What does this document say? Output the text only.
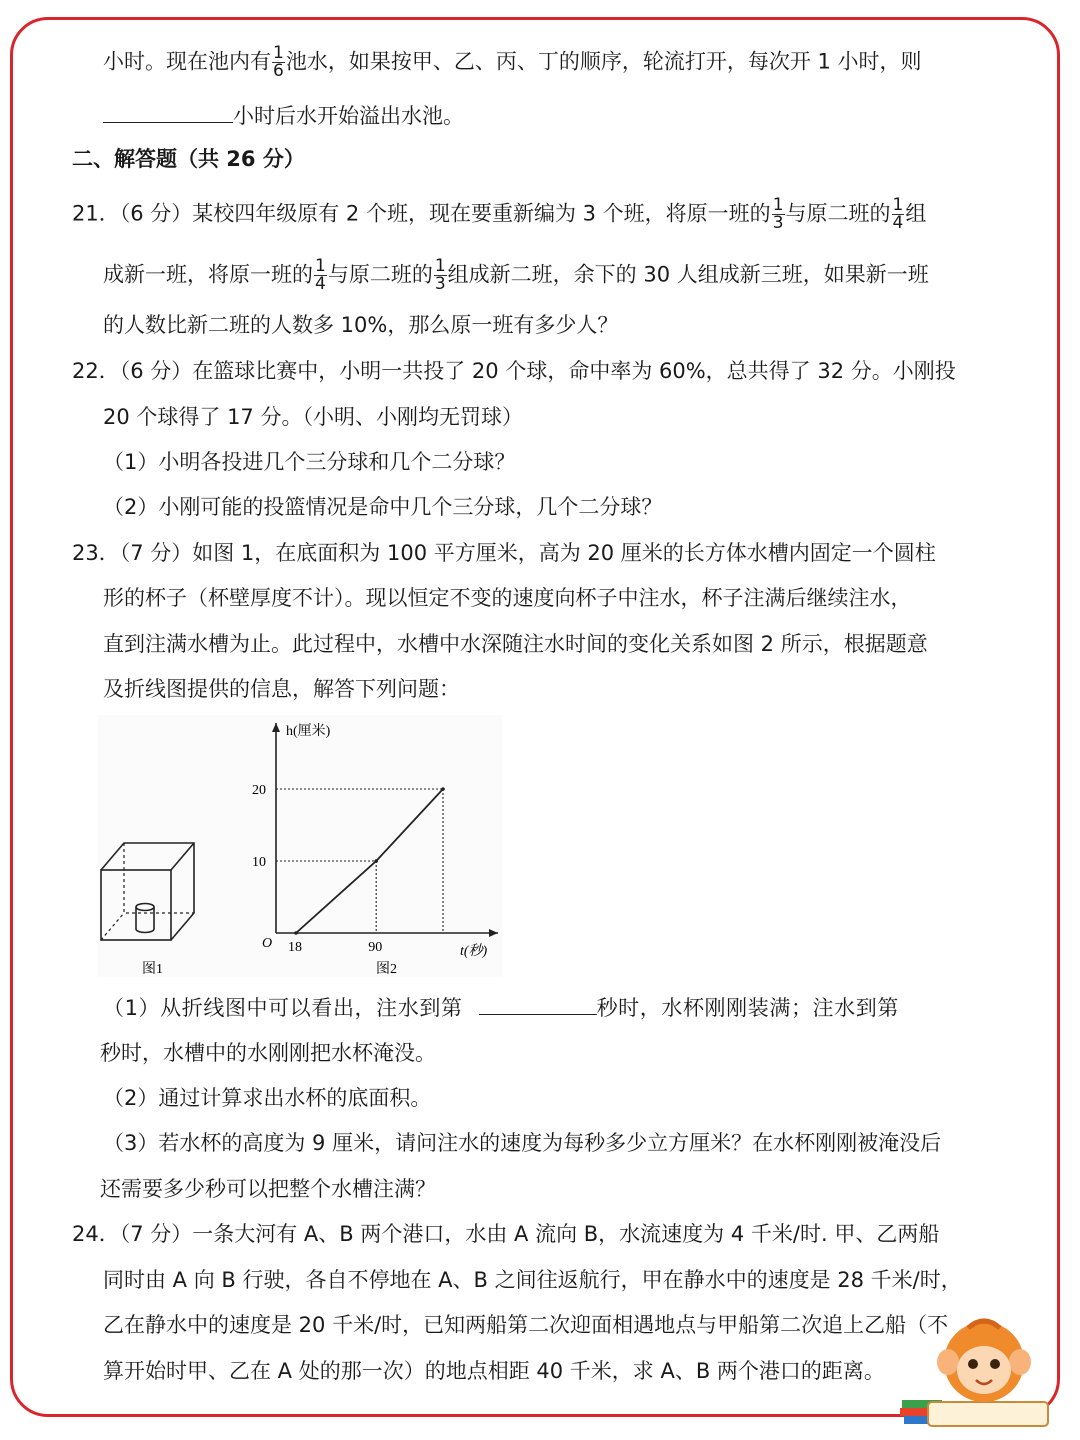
小时。现在池内有 $\frac{1}{6}$ 池水，如果按甲、乙、丙、丁的顺序，轮流打开，每次开 1 小时，则
小时后水开始溢出水池。
二、解答题（共 26 分）
21．（6 分）某校四年级原有 2 个班，现在要重新编为 3 个班，将原一班的 $\frac{1}{3}$ 与原二班的 $\frac{1}{4}$ 组
成新一班，将原一班的 $\frac{1}{4}$ 与原二班的 $\frac{1}{3}$ 组成新二班，余下的 30 人组成新三班，如果新一班
的人数比新二班的人数多 10%，那么原一班有多少人？
22．（6 分）在篮球比赛中，小明一共投了 20 个球，命中率为 60%，总共得了 32 分。小刚投
20 个球得了 17 分。（小明、小刚均无罚球）
（1）小明各投进几个三分球和几个二分球？
（2）小刚可能的投篮情况是命中几个三分球，几个二分球？
23．（7 分）如图 1，在底面积为 100 平方厘米，高为 20 厘米的长方体水槽内固定一个圆柱
形的杯子（杯壁厚度不计）。现以恒定不变的速度向杯子中注水，杯子注满后继续注水，
直到注满水槽为止。此过程中，水槽中水深随注水时间的变化关系如图 2 所示，根据题意
及折线图提供的信息，解答下列问题：
图1
18	90
10
20
O
h(厘米)
t(秒)
图2
（1）从折线图中可以看出，注水到第	秒时，水杯刚刚装满；注水到第
秒时，水槽中的水刚刚把水杯淹没。
（2）通过计算求出水杯的底面积。
（3）若水杯的高度为 9 厘米，请问注水的速度为每秒多少立方厘米？在水杯刚刚被淹没后
还需要多少秒可以把整个水槽注满？
24．（7 分）一条大河有 A、B 两个港口，水由 A 流向 B，水流速度为 4 千米/时. 甲、乙两船
同时由 A 向 B 行驶，各自不停地在 A、B 之间往返航行，甲在静水中的速度是 28 千米/时，
乙在静水中的速度是 20 千米/时，已知两船第二次迎面相遇地点与甲船第二次追上乙船（不
算开始时甲、乙在 A 处的那一次）的地点相距 40 千米，求 A、B 两个港口的距离。
